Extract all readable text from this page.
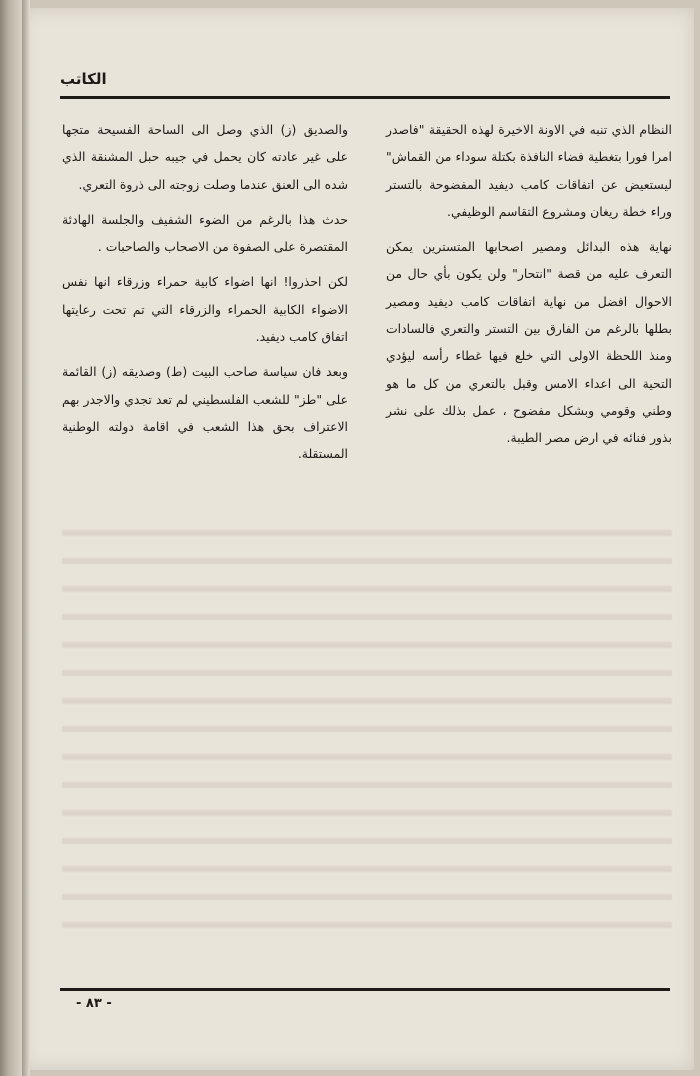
الكاتب

النظام الذي تنبه في الاونة الاخيرة لهذه الحقيقة "فاصدر امرا فورا بتغطية فضاء النافذة بكتلة سوداء من القماش" ليستعيض عن اتفاقات كامب ديفيد المفضوحة بالتستر وراء خطة ريغان ومشروع التقاسم الوظيفي.

نهاية هذه البدائل ومصير اصحابها المتسترين يمكن التعرف عليه من قصة "انتحار" ولن يكون بأي حال من الاحوال افضل من نهاية اتفاقات كامب ديفيد ومصير بطلها بالرغم من الفارق بين التستر والتعري فالسادات ومنذ اللحظة الاولى التي خلع فيها غطاء رأسه ليؤدي التحية الى اعداء الامس وقبل بالتعري من كل ما هو وطني وقومي وبشكل مفضوح ، عمل بذلك على نشر بذور فنائه في ارض مصر الطيبة.

والصديق (ز) الذي وصل الى الساحة الفسيحة متجها على غير عادته كان يحمل في جيبه حبل المشنقة الذي شده الى العنق عندما وصلت زوجته الى ذروة التعري.

حدث هذا بالرغم من الضوء الشفيف والجلسة الهادئة المقتصرة على الصفوة من الاصحاب والصاحبات .

لكن احذروا! انها اضواء كابية حمراء وزرقاء انها نفس الاضواء الكابية الحمراء والزرقاء التي تم تحت رعايتها اتفاق كامب ديفيد.

وبعد فان سياسة صاحب البيت (ط) وصديقه (ز) القائمة على "طز" للشعب الفلسطيني لم تعد تجدي والاجدر بهم الاعتراف بحق هذا الشعب في اقامة دولته الوطنية المستقلة.

- ٨٣ -
